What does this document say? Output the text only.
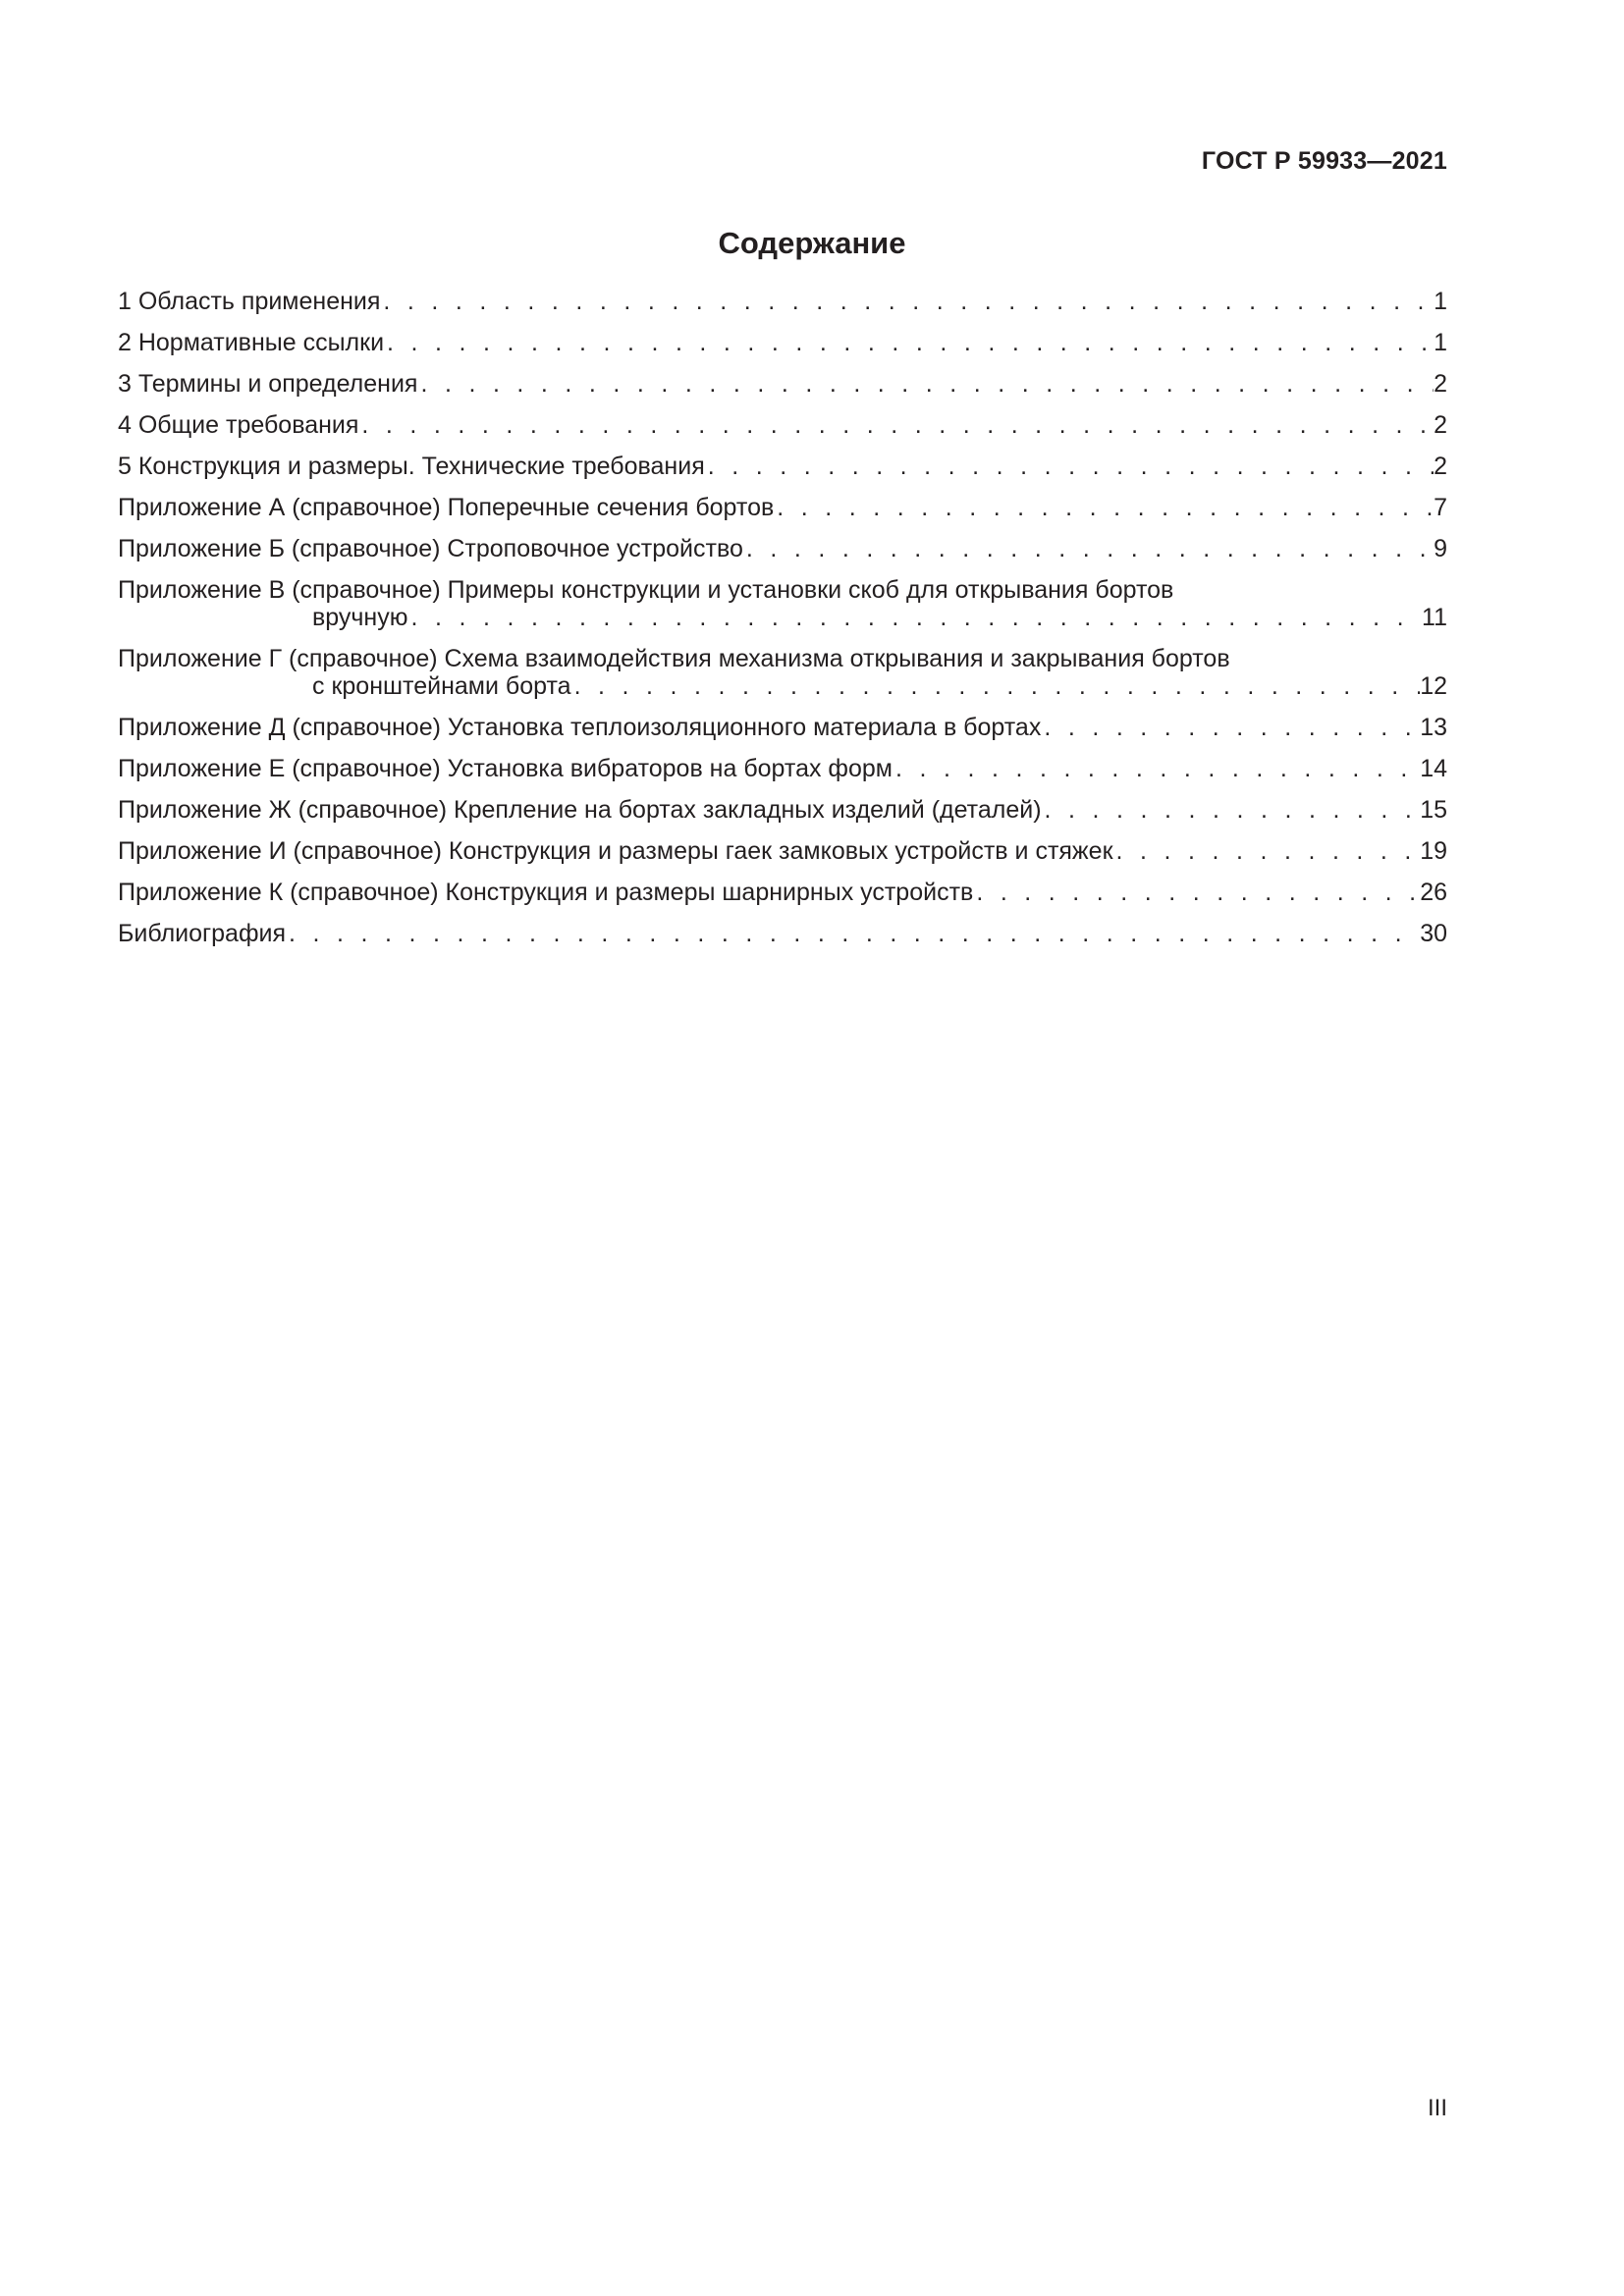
ГОСТ Р 59933—2021
Содержание
1 Область применения . . .	1
2 Нормативные ссылки . . .	1
3 Термины и определения . . .	2
4 Общие требования . . .	2
5 Конструкция и размеры. Технические требования . . .	2
Приложение А (справочное) Поперечные сечения бортов . . .	7
Приложение Б (справочное) Строповочное устройство . . .	9
Приложение В (справочное) Примеры конструкции и установки скоб для открывания бортов
вручную . . .	11
Приложение Г (справочное) Схема взаимодействия механизма открывания и закрывания бортов
с кронштейнами борта . . .	12
Приложение Д (справочное) Установка теплоизоляционного материала в бортах . . .	13
Приложение Е (справочное) Установка вибраторов на бортах форм . . .	14
Приложение Ж (справочное) Крепление на бортах закладных изделий (деталей) . . .	15
Приложение И (справочное) Конструкция и размеры гаек замковых устройств и стяжек . . .	19
Приложение К (справочное) Конструкция и размеры шарнирных устройств . . .	26
Библиография . . .	30
III
